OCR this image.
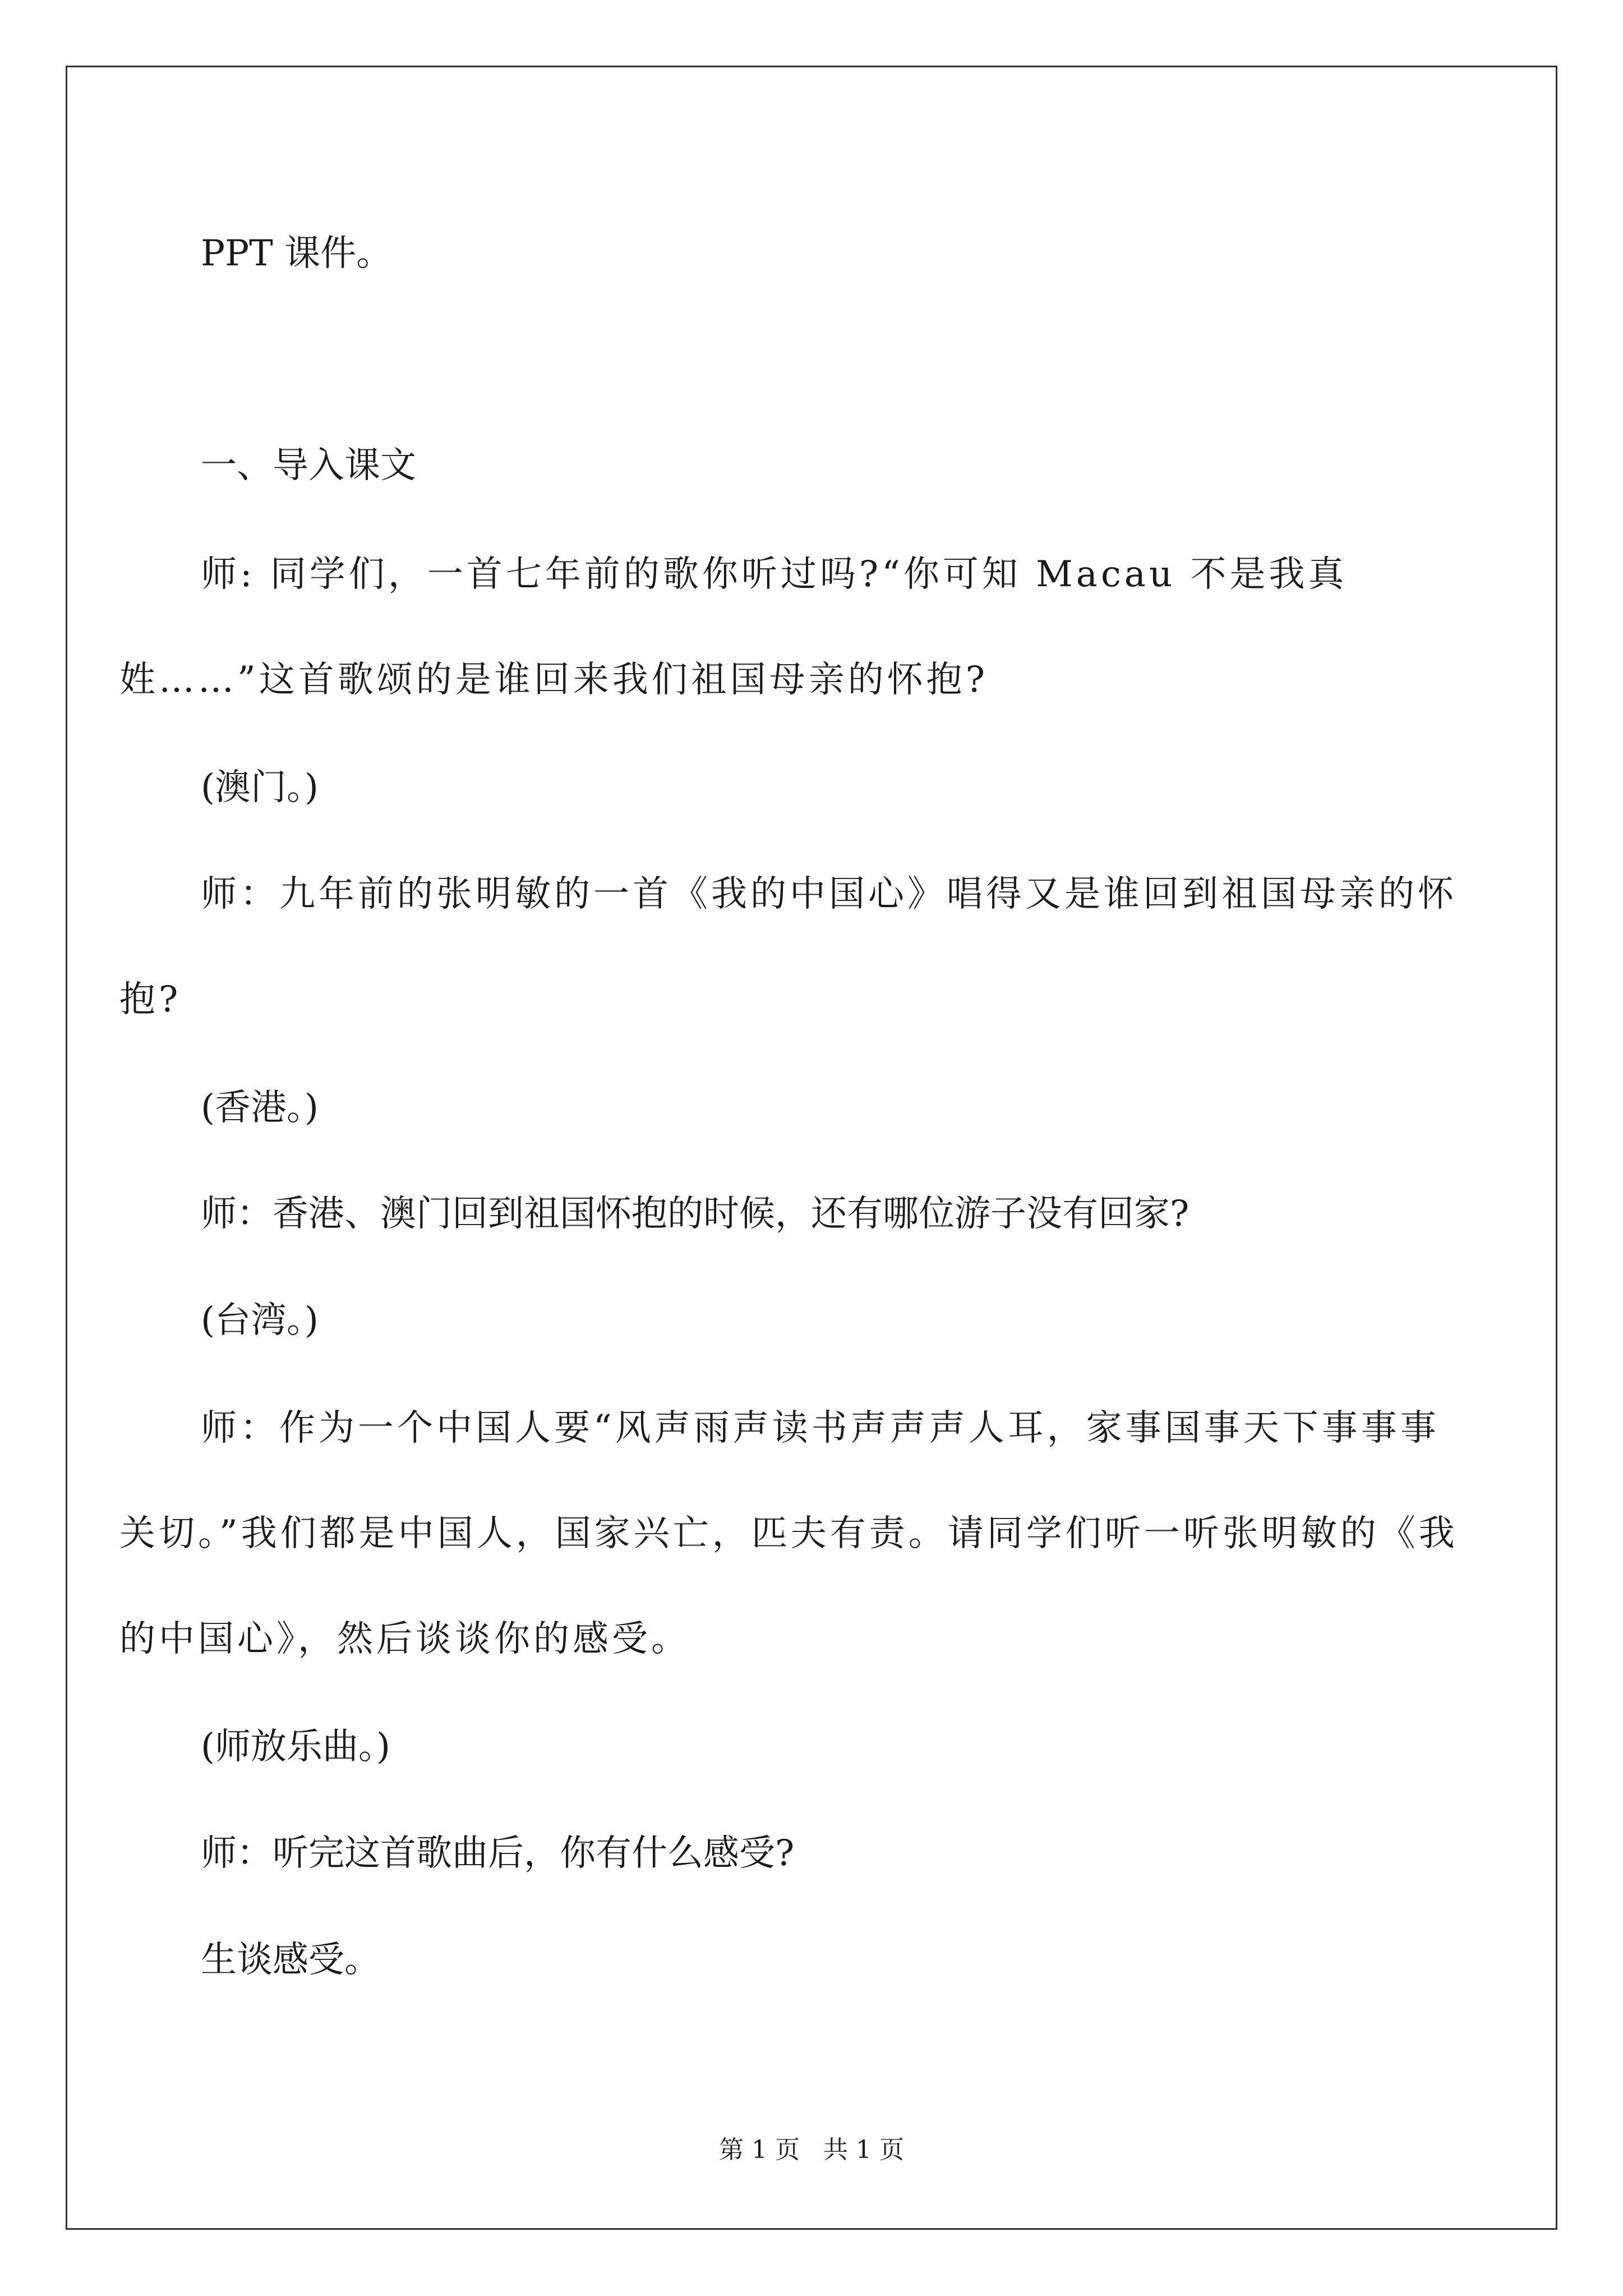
PPT 课件。

一、导入课文

师: 同学们，一首七年前的歌你听过吗?“你可知 Macau 不是我真姓……”这首歌颂的是谁回来我们祖国母亲的怀抱?

(澳门。)

师：九年前的张明敏的一首《我的中国心》唱得又是谁回到祖国母亲的怀抱?

(香港。)

师：香港、澳门回到祖国怀抱的时候，还有哪位游子没有回家?

(台湾。)

师：作为一个中国人要“风声雨声读书声声声人耳，家事国事天下事事事关切。”我们都是中国人，国家兴亡，匹夫有责。请同学们听一听张明敏的《我的中国心》，然后谈谈你的感受。

(师放乐曲。)

师：听完这首歌曲后，你有什么感受?

生谈感受。

第 1 页   共 1 页
